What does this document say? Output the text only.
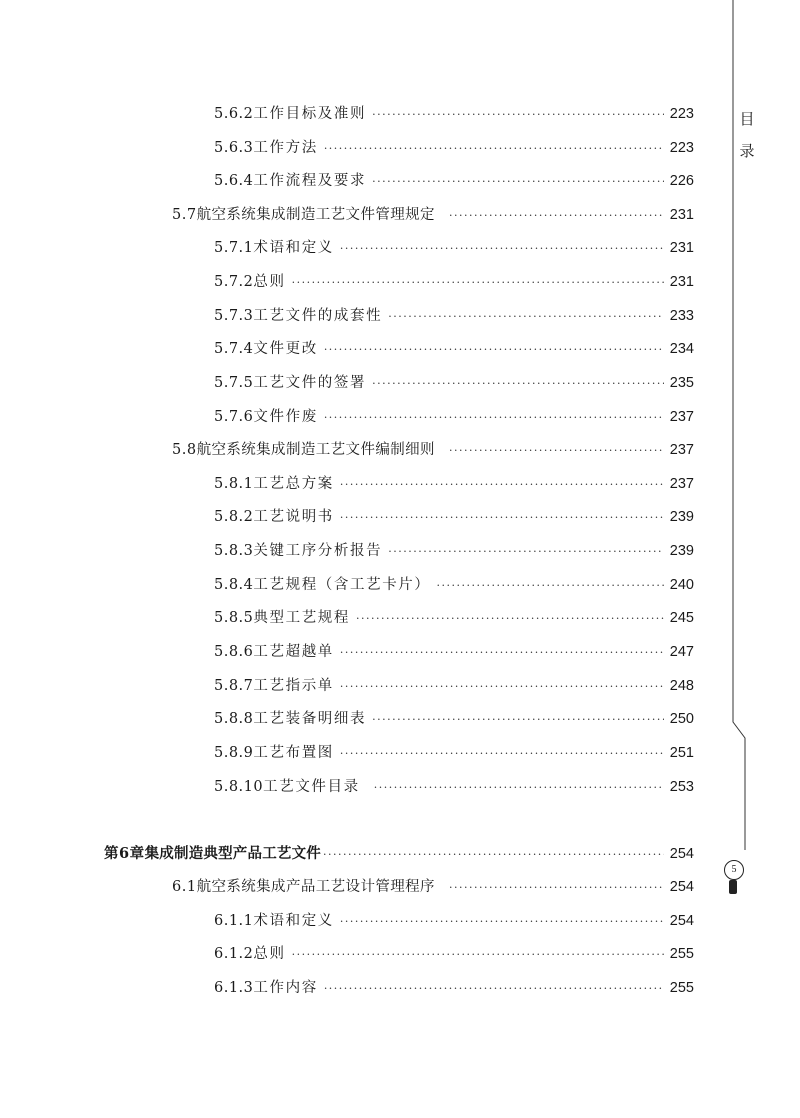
目录
5
5.6.2 工作目标及准则 ·····	223
5.6.3 工作方法 ·····	223
5.6.4 工作流程及要求 ·····	226
5.7 航空系统集成制造工艺文件管理规定 ·····	231
5.7.1 术语和定义 ·····	231
5.7.2 总则 ·····	231
5.7.3 工艺文件的成套性 ·····	233
5.7.4 文件更改 ·····	234
5.7.5 工艺文件的签署 ·····	235
5.7.6 文件作废 ·····	237
5.8 航空系统集成制造工艺文件编制细则 ·····	237
5.8.1 工艺总方案 ·····	237
5.8.2 工艺说明书 ·····	239
5.8.3 关键工序分析报告 ·····	239
5.8.4 工艺规程（含工艺卡片） ·····	240
5.8.5 典型工艺规程 ·····	245
5.8.6 工艺超越单 ·····	247
5.8.7 工艺指示单 ·····	248
5.8.8 工艺装备明细表 ·····	250
5.8.9 工艺布置图 ·····	251
5.8.10 工艺文件目录 ·····	253
第6章 集成制造典型产品工艺文件 ·····	254
6.1 航空系统集成产品工艺设计管理程序 ·····	254
6.1.1 术语和定义 ·····	254
6.1.2 总则 ·····	255
6.1.3 工作内容 ·····	255
